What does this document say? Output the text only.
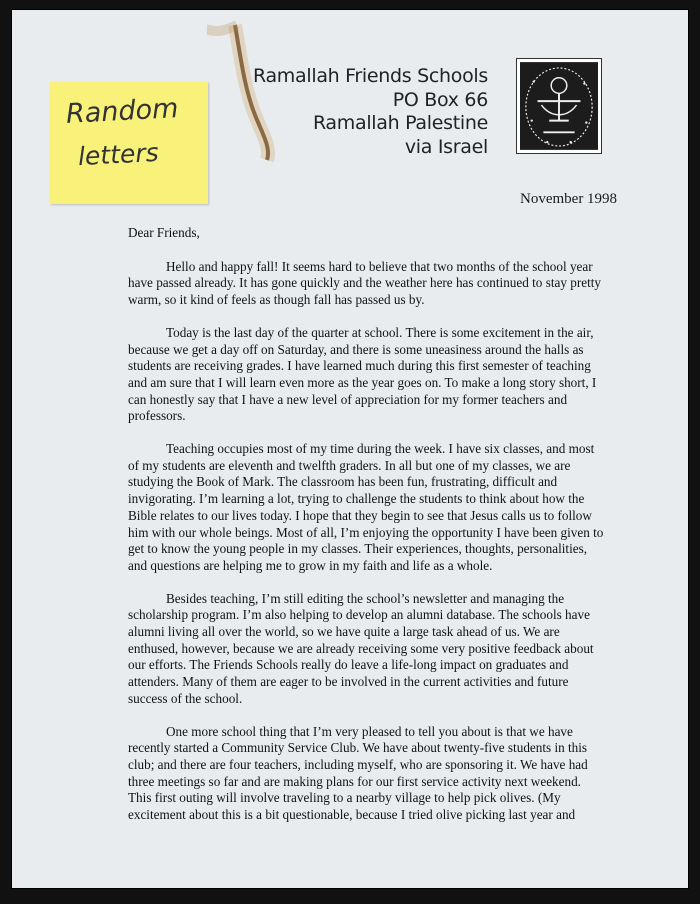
Ramallah Friends Schools
PO Box 66
Ramallah Palestine
via Israel
Random
letters
November 1998

Dear Friends,

Hello and happy fall! It seems hard to believe that two months of the school year have passed already. It has gone quickly and the weather here has continued to stay pretty warm, so it kind of feels as though fall has passed us by.

Today is the last day of the quarter at school. There is some excitement in the air, because we get a day off on Saturday, and there is some uneasiness around the halls as students are receiving grades. I have learned much during this first semester of teaching and am sure that I will learn even more as the year goes on. To make a long story short, I can honestly say that I have a new level of appreciation for my former teachers and professors.

Teaching occupies most of my time during the week. I have six classes, and most of my students are eleventh and twelfth graders. In all but one of my classes, we are studying the Book of Mark. The classroom has been fun, frustrating, difficult and invigorating. I’m learning a lot, trying to challenge the students to think about how the Bible relates to our lives today. I hope that they begin to see that Jesus calls us to follow him with our whole beings. Most of all, I’m enjoying the opportunity I have been given to get to know the young people in my classes. Their experiences, thoughts, personalities, and questions are helping me to grow in my faith and life as a whole.

Besides teaching, I’m still editing the school’s newsletter and managing the scholarship program. I’m also helping to develop an alumni database. The schools have alumni living all over the world, so we have quite a large task ahead of us. We are enthused, however, because we are already receiving some very positive feedback about our efforts. The Friends Schools really do leave a life-long impact on graduates and attenders. Many of them are eager to be involved in the current activities and future success of the school.

One more school thing that I’m very pleased to tell you about is that we have recently started a Community Service Club. We have about twenty-five students in this club; and there are four teachers, including myself, who are sponsoring it. We have had three meetings so far and are making plans for our first service activity next weekend. This first outing will involve traveling to a nearby village to help pick olives. (My excitement about this is a bit questionable, because I tried olive picking last year and
